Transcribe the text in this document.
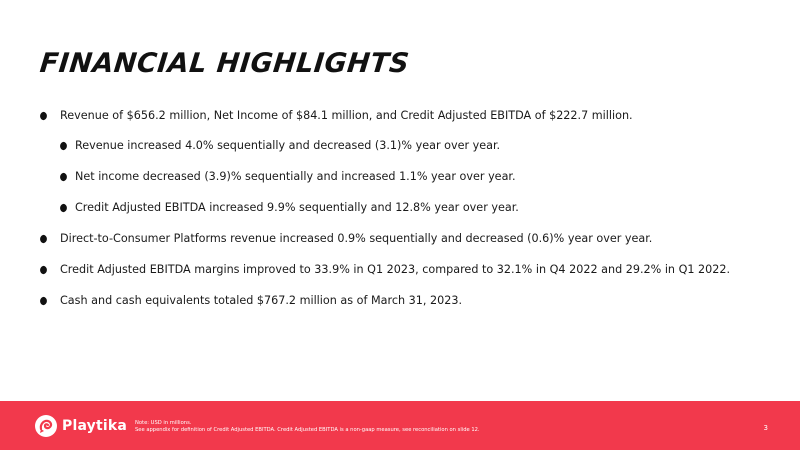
FINANCIAL HIGHLIGHTS
Revenue of $656.2 million, Net Income of $84.1 million, and Credit Adjusted EBITDA of $222.7 million.
Revenue increased 4.0% sequentially and decreased (3.1)% year over year.
Net income decreased (3.9)% sequentially and increased 1.1% year over year.
Credit Adjusted EBITDA increased 9.9% sequentially and 12.8% year over year.
Direct-to-Consumer Platforms revenue increased 0.9% sequentially and decreased (0.6)% year over year.
Credit Adjusted EBITDA margins improved to 33.9% in Q1 2023, compared to 32.1% in Q4 2022 and 29.2% in Q1 2022.
Cash and cash equivalents totaled $767.2 million as of March 31, 2023.
Playtika Note: USD in millions.
See appendix for definition of Credit Adjusted EBITDA. Credit Adjusted EBITDA is a non-gaap measure, see reconciliation on slide 12.	3
